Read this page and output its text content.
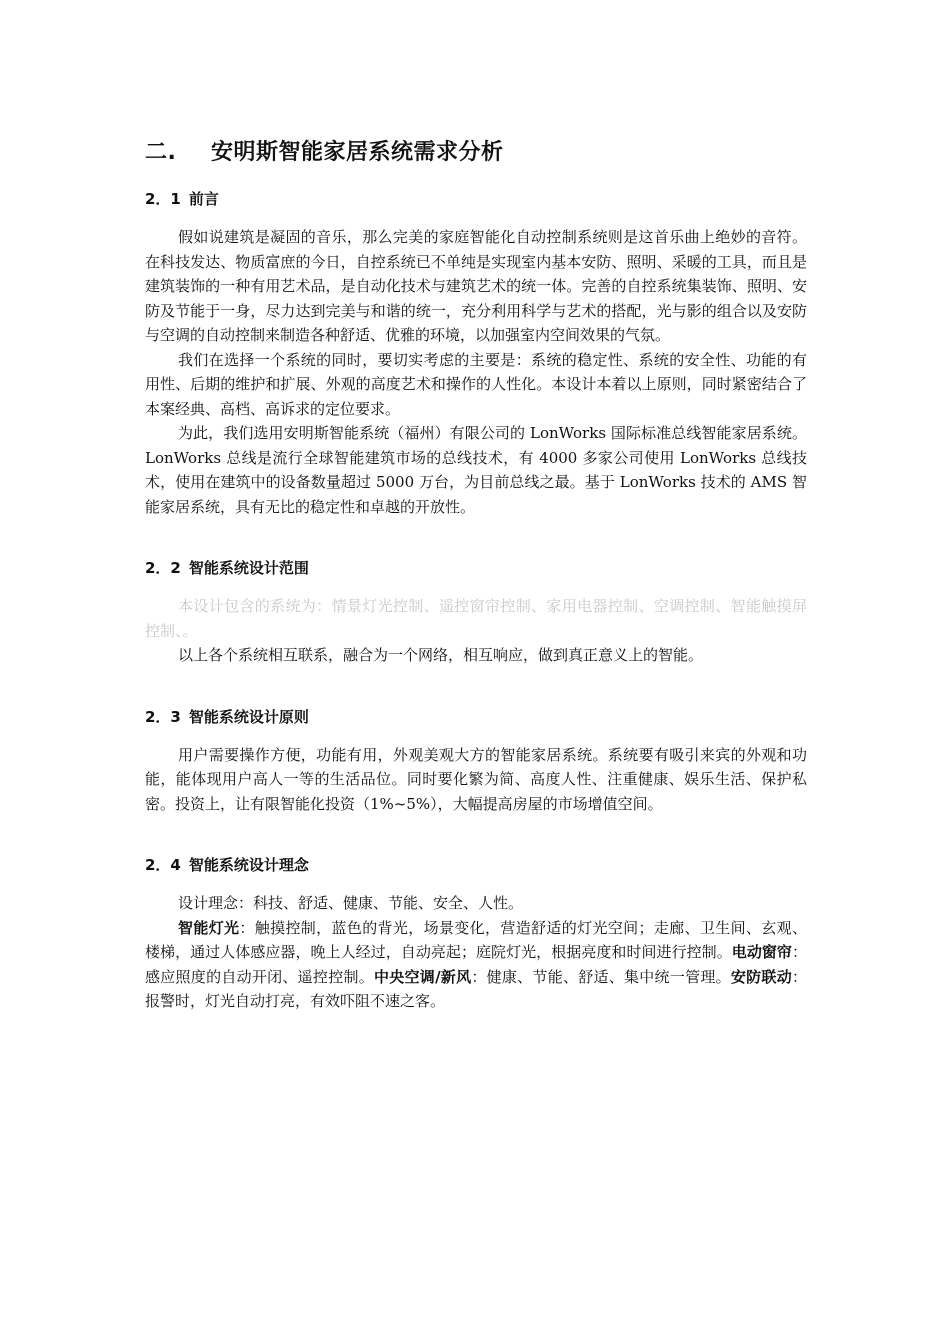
二. 安明斯智能家居系统需求分析
2．1 前言

假如说建筑是凝固的音乐，那么完美的家庭智能化自动控制系统则是这首乐曲上绝妙的音符。在科技发达、物质富庶的今日，自控系统已不单纯是实现室内基本安防、照明、采暖的工具，而且是建筑装饰的一种有用艺术品，是自动化技术与建筑艺术的统一体。完善的自控系统集装饰、照明、安防及节能于一身，尽力达到完美与和谐的统一，充分利用科学与艺术的搭配，光与影的组合以及安防与空调的自动控制来制造各种舒适、优雅的环境，以加强室内空间效果的气氛。

我们在选择一个系统的同时，要切实考虑的主要是：系统的稳定性、系统的安全性、功能的有用性、后期的维护和扩展、外观的高度艺术和操作的人性化。本设计本着以上原则，同时紧密结合了本案经典、高档、高诉求的定位要求。

为此，我们选用安明斯智能系统（福州）有限公司的 LonWorks 国际标准总线智能家居系统。LonWorks 总线是流行全球智能建筑市场的总线技术，有 4000 多家公司使用 LonWorks 总线技术，使用在建筑中的设备数量超过 5000 万台，为目前总线之最。基于 LonWorks 技术的 AMS 智能家居系统，具有无比的稳定性和卓越的开放性。

2．2 智能系统设计范围

本设计包含的系统为：情景灯光控制、遥控窗帘控制、家用电器控制、空调控制、智能触摸屏控制、。

以上各个系统相互联系，融合为一个网络，相互响应，做到真正意义上的智能。

2．3 智能系统设计原则

用户需要操作方便，功能有用，外观美观大方的智能家居系统。系统要有吸引来宾的外观和功能，能体现用户高人一等的生活品位。同时要化繁为简、高度人性、注重健康、娱乐生活、保护私密。投资上，让有限智能化投资（1%~5%），大幅提高房屋的市场增值空间。

2．4 智能系统设计理念

设计理念：科技、舒适、健康、节能、安全、人性。

智能灯光：触摸控制，蓝色的背光，场景变化，营造舒适的灯光空间；走廊、卫生间、玄观、 楼梯，通过人体感应器，晚上人经过，自动亮起；庭院灯光，根据亮度和时间进行控制。电动窗帘：感应照度的自动开闭、遥控控制。中央空调/新风：健康、节能、舒适、集中统一管理。安防联动：报警时，灯光自动打亮，有效吓阻不速之客。
